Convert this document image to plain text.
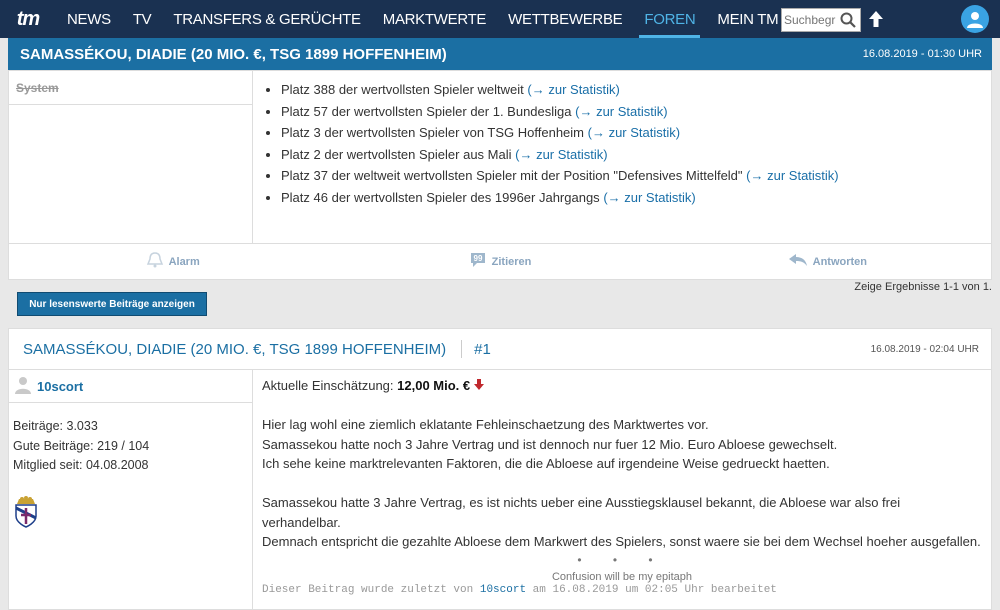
tm	NEWS	TV	TRANSFERS & GERÜCHTE	MARKTWERTE	WETTBEWERBE	FOREN	MEIN TM
Suchbegriff
SAMASSÉKOU, DIADIE (20 MIO. €, TSG 1899 HOFFENHEIM)	16.08.2019 - 01:30 UHR
System
•	Platz 388 der wertvollsten Spieler weltweit (→ zur Statistik)
• Platz 57 der wertvollsten Spieler der 1. Bundesliga (→ zur Statistik)
• Platz 3 der wertvollsten Spieler von TSG Hoffenheim (→ zur Statistik)
• Platz 2 der wertvollsten Spieler aus Mali (→ zur Statistik)
• Platz 37 der weltweit wertvollsten Spieler mit der Position "Defensives Mittelfeld" (→ zur Statistik)
• Platz 46 der wertvollsten Spieler des 1996er Jahrgangs (→ zur Statistik)
Alarm	99 Zitieren	Antworten
Nur lesenswerte Beiträge anzeigen
Zeige Ergebnisse 1-1 von 1.
SAMASSÉKOU, DIADIE (20 MIO. €, TSG 1899 HOFFENHEIM) #1	16.08.2019 - 02:04 UHR
10scort
Beiträge: 3.033
Gute Beiträge: 219 / 104
Mitglied seit: 04.08.2008
Aktuelle Einschätzung: 12,00 Mio. €

Hier lag wohl eine ziemlich eklatante Fehleinschaetzung des Marktwertes vor.

Samassekou hatte noch 3 Jahre Vertrag und ist dennoch nur fuer 12 Mio. Euro Abloese gewechselt.

Ich sehe keine marktrelevanten Faktoren, die die Abloese auf irgendeine Weise gedrueckt haetten.

Samassekou hatte 3 Jahre Vertrag, es ist nichts ueber eine Ausstiegsklausel bekannt, die Abloese war also frei verhandelbar.

Demnach entspricht die gezahlte Abloese dem Markwert des Spielers, sonst waere sie bei dem Wechsel hoeher ausgefallen.

• • •
Confusion will be my epitaph
Dieser Beitrag wurde zuletzt von 10scort am 16.08.2019 um 02:05 Uhr bearbeitet
